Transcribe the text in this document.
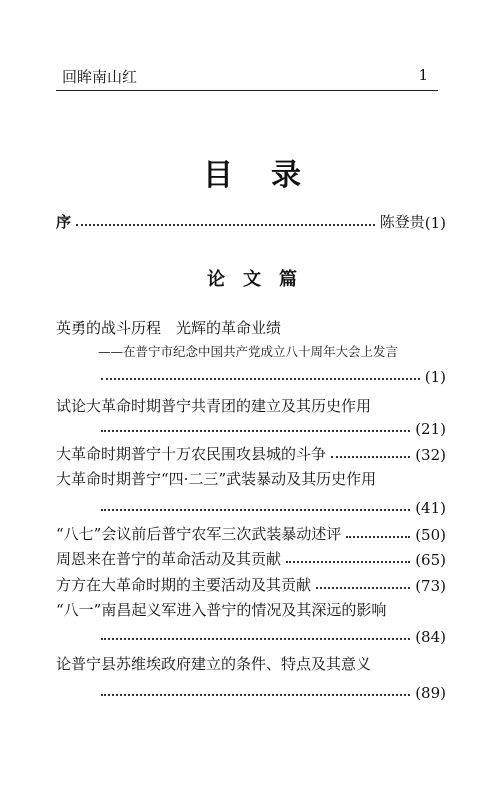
回眸南山红	1
目录
序	陈登贵 (1)
论文篇
英勇的战斗历程　光辉的革命业绩
——在普宁市纪念中国共产党成立八十周年大会上发言
(1)
试论大革命时期普宁共青团的建立及其历史作用
(21)
大革命时期普宁十万农民围攻县城的斗争	(32)
大革命时期普宁“四·二三”武装暴动及其历史作用
(41)
“八七”会议前后普宁农军三次武装暴动述评	(50)
周恩来在普宁的革命活动及其贡献	(65)
方方在大革命时期的主要活动及其贡献	(73)
“八一”南昌起义军进入普宁的情况及其深远的影响
(84)
论普宁县苏维埃政府建立的条件、特点及其意义
(89)
